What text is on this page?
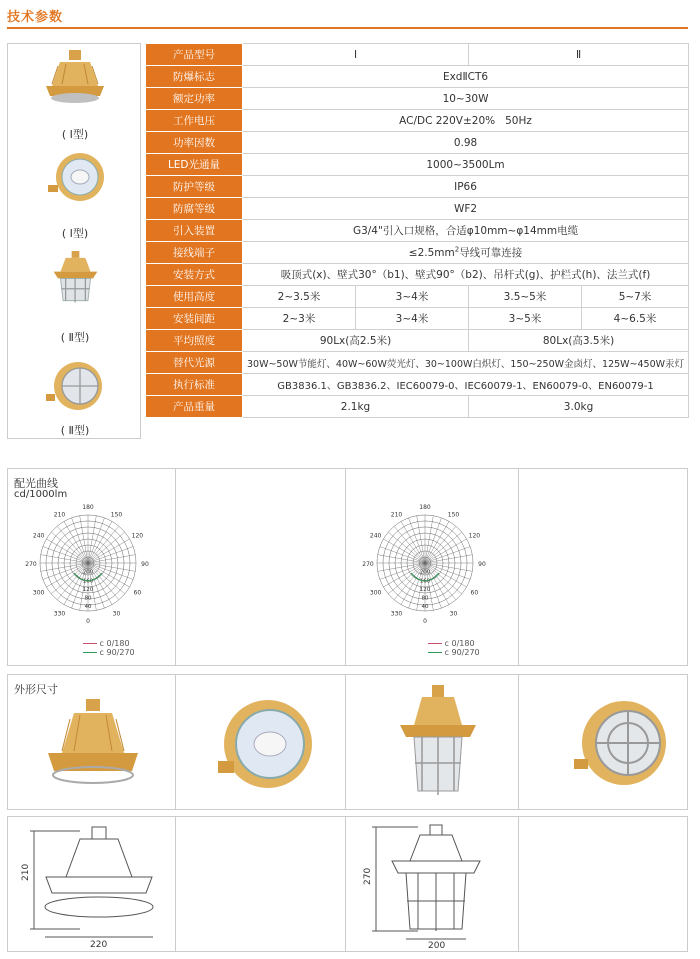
技术参数
( Ⅰ型)
( Ⅰ型)
( Ⅱ型)
( Ⅱ型)
产品型号	Ⅰ		Ⅱ	
防爆标志	ExdⅡCT6			
额定功率	10~30W			
工作电压	AC/DC 220V±20%   50Hz			
功率因数	0.98			
LED光通量	1000~3500Lm			
防护等级	IP66			
防腐等级	WF2			
引入装置	G3/4"引入口规格，合适φ10mm~φ14mm电缆			
接线端子	$\le 2.5mm^2$导线可靠连接			
安装方式	吸顶式(x)、壁式30°（b1)、壁式90°（b2)、吊杆式(g)、护栏式(h)、法兰式(f)			
使用高度	2~3.5米	3~4米	3.5~5米	5~7米
安装间距	2~3米	3~4米	3~5米	4~6.5米
平均照度	90Lx(高2.5米)		80Lx(高3.5米)	
替代光源	30W~50W节能灯、40W~60W荧光灯、30~100W白炽灯、150~250W金卤灯、125W~450W汞灯			
执行标准	GB3836.1、GB3836.2、IEC60079-0、IEC60079-1、EN60079-0、EN60079-1			
产品重量	2.1kg		3.0kg	
配光曲线
cd/1000lm
180
150
120
90
60
30
0
330
300
270
240
210
200
160
120
80
40
180
150
120
90
60
30
0
330
300
270
240
210
200
160
120
80
40
c 0/180
c 90/270
c 0/180
c 90/270
外形尺寸
210
220
270
200
